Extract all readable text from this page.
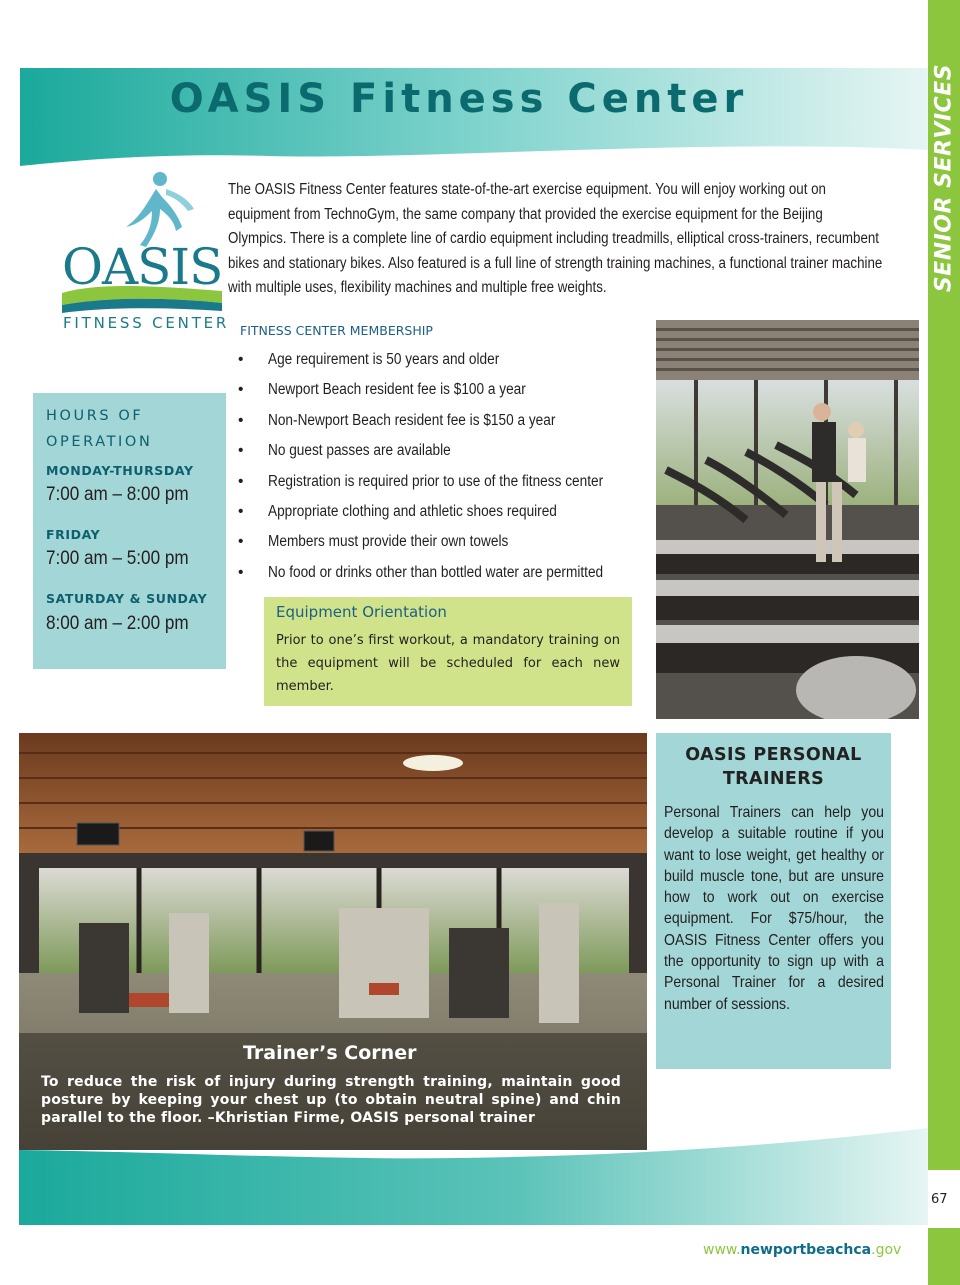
SENIOR SERVICES
OASIS Fitness Center
OASIS
FITNESS CENTER

The OASIS Fitness Center features state-of-the-art exercise equipment. You will enjoy working out on equipment from TechnoGym, the same company that provided the exercise equipment for the Beijing Olympics. There is a complete line of cardio equipment including treadmills, elliptical cross-trainers, recumbent bikes and stationary bikes. Also featured is a full line of strength training machines, a functional trainer machine with multiple uses, flexibility machines and multiple free weights.

HOURS OF
OPERATION
MONDAY-THURSDAY
7:00 am – 8:00 pm
FRIDAY
7:00 am – 5:00 pm
SATURDAY & SUNDAY
8:00 am – 2:00 pm
FITNESS CENTER MEMBERSHIP
• Age requirement is 50 years and older
• Newport Beach resident fee is $100 a year
• Non-Newport Beach resident fee is $150 a year
• No guest passes are available
• Registration is required prior to use of the fitness center
• Appropriate clothing and athletic shoes required
• Members must provide their own towels
• No food or drinks other than bottled water are permitted
Equipment Orientation
Prior to one’s first workout, a mandatory training on the equipment will be scheduled for each new member.
Trainer’s Corner

To reduce the risk of injury during strength training, maintain good posture by keeping your chest up (to obtain neutral spine) and chin parallel to the floor. –Khristian Firme, OASIS personal trainer

OASIS PERSONAL
TRAINERS

Personal Trainers can help you develop a suitable routine if you want to lose weight, get healthy or build muscle tone, but are unsure how to work out on exercise equipment. For $75/hour, the OASIS Fitness Center offers you the opportunity to sign up with a Personal Trainer for a desired number of sessions.

67
www.newportbeachca.gov
